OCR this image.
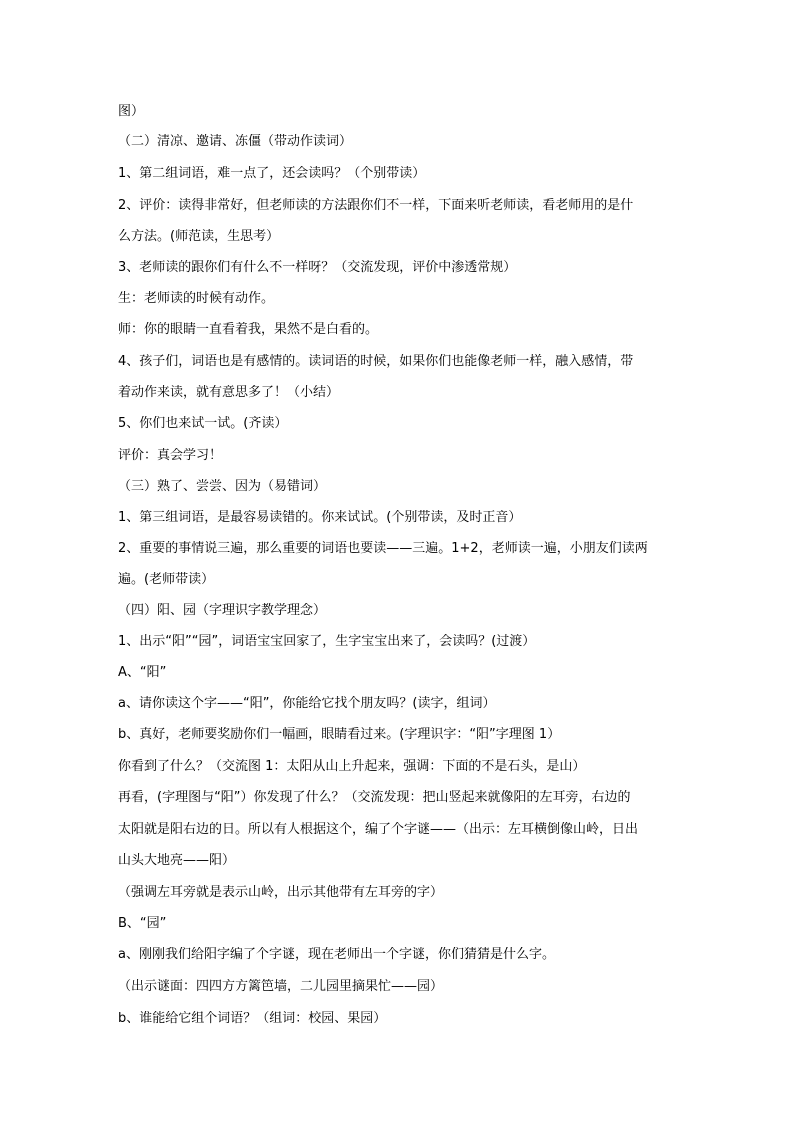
图）
（二）清凉、邀请、冻僵（带动作读词）
1、第二组词语，难一点了，还会读吗？（个别带读）
2、评价：读得非常好，但老师读的方法跟你们不一样，下面来听老师读，看老师用的是什
么方法。(师范读，生思考）
3、老师读的跟你们有什么不一样呀？（交流发现，评价中渗透常规）
生：老师读的时候有动作。
师：你的眼睛一直看着我，果然不是白看的。
4、孩子们，词语也是有感情的。读词语的时候，如果你们也能像老师一样，融入感情，带
着动作来读，就有意思多了！（小结）
5、你们也来试一试。(齐读）
评价：真会学习！
（三）熟了、尝尝、因为（易错词）
1、第三组词语，是最容易读错的。你来试试。(个别带读，及时正音）
2、重要的事情说三遍，那么重要的词语也要读——三遍。1+2，老师读一遍，小朋友们读两
遍。(老师带读）
（四）阳、园（字理识字教学理念）
1、出示“阳”“园”，词语宝宝回家了，生字宝宝出来了，会读吗？(过渡）
A、“阳”
a、请你读这个字——“阳”，你能给它找个朋友吗？(读字，组词）
b、真好，老师要奖励你们一幅画，眼睛看过来。(字理识字：“阳”字理图 1）
你看到了什么？（交流图 1：太阳从山上升起来，强调：下面的不是石头，是山）
再看，(字理图与“阳”）你发现了什么？（交流发现：把山竖起来就像阳的左耳旁，右边的
太阳就是阳右边的日。所以有人根据这个，编了个字谜——（出示：左耳横倒像山岭，日出
山头大地亮——阳）
（强调左耳旁就是表示山岭，出示其他带有左耳旁的字）
B、“园”
a、刚刚我们给阳字编了个字谜，现在老师出一个字谜，你们猜猜是什么字。
（出示谜面：四四方方篱笆墙，二儿园里摘果忙——园）
b、谁能给它组个词语？（组词：校园、果园）
